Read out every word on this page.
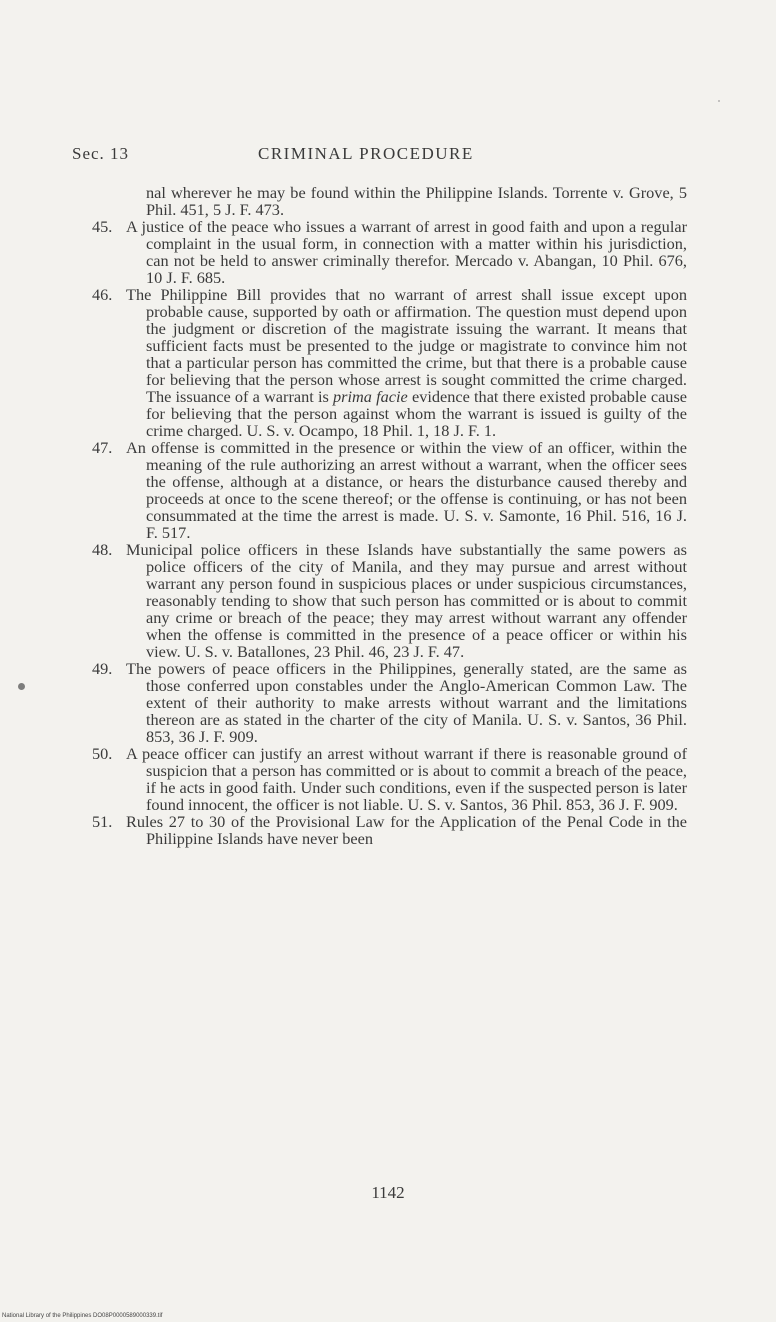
Sec. 13	CRIMINAL PROCEDURE

nal wherever he may be found within the Philippine Islands. Torrente v. Grove, 5 Phil. 451, 5 J. F. 473.

45. A justice of the peace who issues a warrant of arrest in good faith and upon a regular complaint in the usual form, in connection with a matter within his jurisdiction, can not be held to answer criminally therefor. Mercado v. Abangan, 10 Phil. 676, 10 J. F. 685.

46. The Philippine Bill provides that no warrant of arrest shall issue except upon probable cause, supported by oath or affirmation. The question must depend upon the judgment or discretion of the magistrate issuing the warrant. It means that sufficient facts must be presented to the judge or magistrate to convince him not that a particular person has committed the crime, but that there is a probable cause for believing that the person whose arrest is sought committed the crime charged. The issuance of a warrant is prima facie evidence that there existed probable cause for believing that the person against whom the warrant is issued is guilty of the crime charged. U. S. v. Ocampo, 18 Phil. 1, 18 J. F. 1.

47. An offense is committed in the presence or within the view of an officer, within the meaning of the rule authorizing an arrest without a warrant, when the officer sees the offense, although at a distance, or hears the disturbance caused thereby and proceeds at once to the scene thereof; or the offense is continuing, or has not been consummated at the time the arrest is made. U. S. v. Samonte, 16 Phil. 516, 16 J. F. 517.

48. Municipal police officers in these Islands have substantially the same powers as police officers of the city of Manila, and they may pursue and arrest without warrant any person found in suspicious places or under suspicious circumstances, reasonably tending to show that such person has committed or is about to commit any crime or breach of the peace; they may arrest without warrant any offender when the offense is committed in the presence of a peace officer or within his view. U. S. v. Batallones, 23 Phil. 46, 23 J. F. 47.

49. The powers of peace officers in the Philippines, generally stated, are the same as those conferred upon constables under the Anglo-American Common Law. The extent of their authority to make arrests without warrant and the limitations thereon are as stated in the charter of the city of Manila. U. S. v. Santos, 36 Phil. 853, 36 J. F. 909.

50. A peace officer can justify an arrest without warrant if there is reasonable ground of suspicion that a person has committed or is about to commit a breach of the peace, if he acts in good faith. Under such conditions, even if the suspected person is later found innocent, the officer is not liable. U. S. v. Santos, 36 Phil. 853, 36 J. F. 909.

51. Rules 27 to 30 of the Provisional Law for the Application of the Penal Code in the Philippine Islands have never been

1142
National Library of the Philippines DO08P0000589000339.tif
